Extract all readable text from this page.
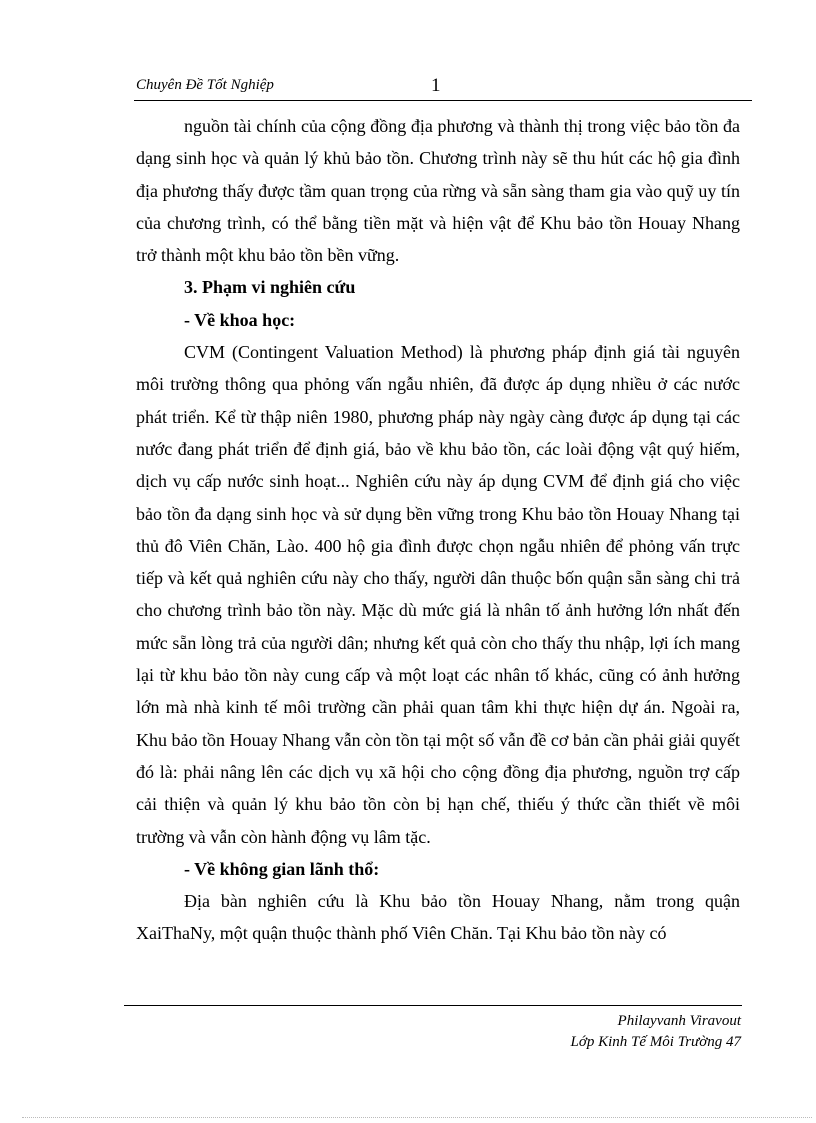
Chuyên Đề Tốt Nghiệp	1

nguồn tài chính của cộng đồng địa phương và thành thị trong việc bảo tồn đa dạng sinh học và quản lý khủ bảo tồn. Chương trình này sẽ thu hút các hộ gia đình địa phương thấy được tầm quan trọng của rừng và sẵn sàng tham gia vào quỹ uy tín của chương trình, có thể bằng tiền mặt và hiện vật để Khu bảo tồn Houay Nhang trở thành một khu bảo tồn bền vững.

3. Phạm vi nghiên cứu

- Về khoa học:

CVM (Contingent Valuation Method) là phương pháp định giá tài nguyên môi trường thông qua phỏng vấn ngẫu nhiên, đã được áp dụng nhiều ở các nước phát triển. Kể từ thập niên 1980, phương pháp này ngày càng được áp dụng tại các nước đang phát triển để định giá, bảo về khu bảo tồn, các loài động vật quý hiếm, dịch vụ cấp nước sinh hoạt... Nghiên cứu này áp dụng CVM để định giá cho việc bảo tồn đa dạng sinh học và sử dụng bền vững trong Khu bảo tồn Houay Nhang tại thủ đô Viên Chăn, Lào. 400 hộ gia đình được chọn ngẫu nhiên để phỏng vấn trực tiếp và kết quả nghiên cứu này cho thấy, người dân thuộc bốn quận sẵn sàng chi trả cho chương trình bảo tồn này. Mặc dù mức giá là nhân tố ảnh hưởng lớn nhất đến mức sẵn lòng trả của người dân; nhưng kết quả còn cho thấy thu nhập, lợi ích mang lại từ khu bảo tồn này cung cấp và một loạt các nhân tố khác, cũng có ảnh hưởng lớn mà nhà kinh tế môi trường cần phải quan tâm khi thực hiện dự án. Ngoài ra, Khu bảo tồn Houay Nhang vẫn còn tồn tại một số vẫn đề cơ bản cần phải giải quyết đó là: phải nâng lên các dịch vụ xã hội cho cộng đồng địa phương, nguồn trợ cấp cải thiện và quản lý khu bảo tồn còn bị hạn chế, thiếu ý thức cần thiết về môi trường và vẫn còn hành động vụ lâm tặc.

- Về không gian lãnh thổ:

Địa bàn nghiên cứu là Khu bảo tồn Houay Nhang, nằm trong quận XaiThaNy, một quận thuộc thành phố Viên Chăn. Tại Khu bảo tồn này có

Philayvanh Viravout
Lớp Kinh Tế Môi Trường 47
